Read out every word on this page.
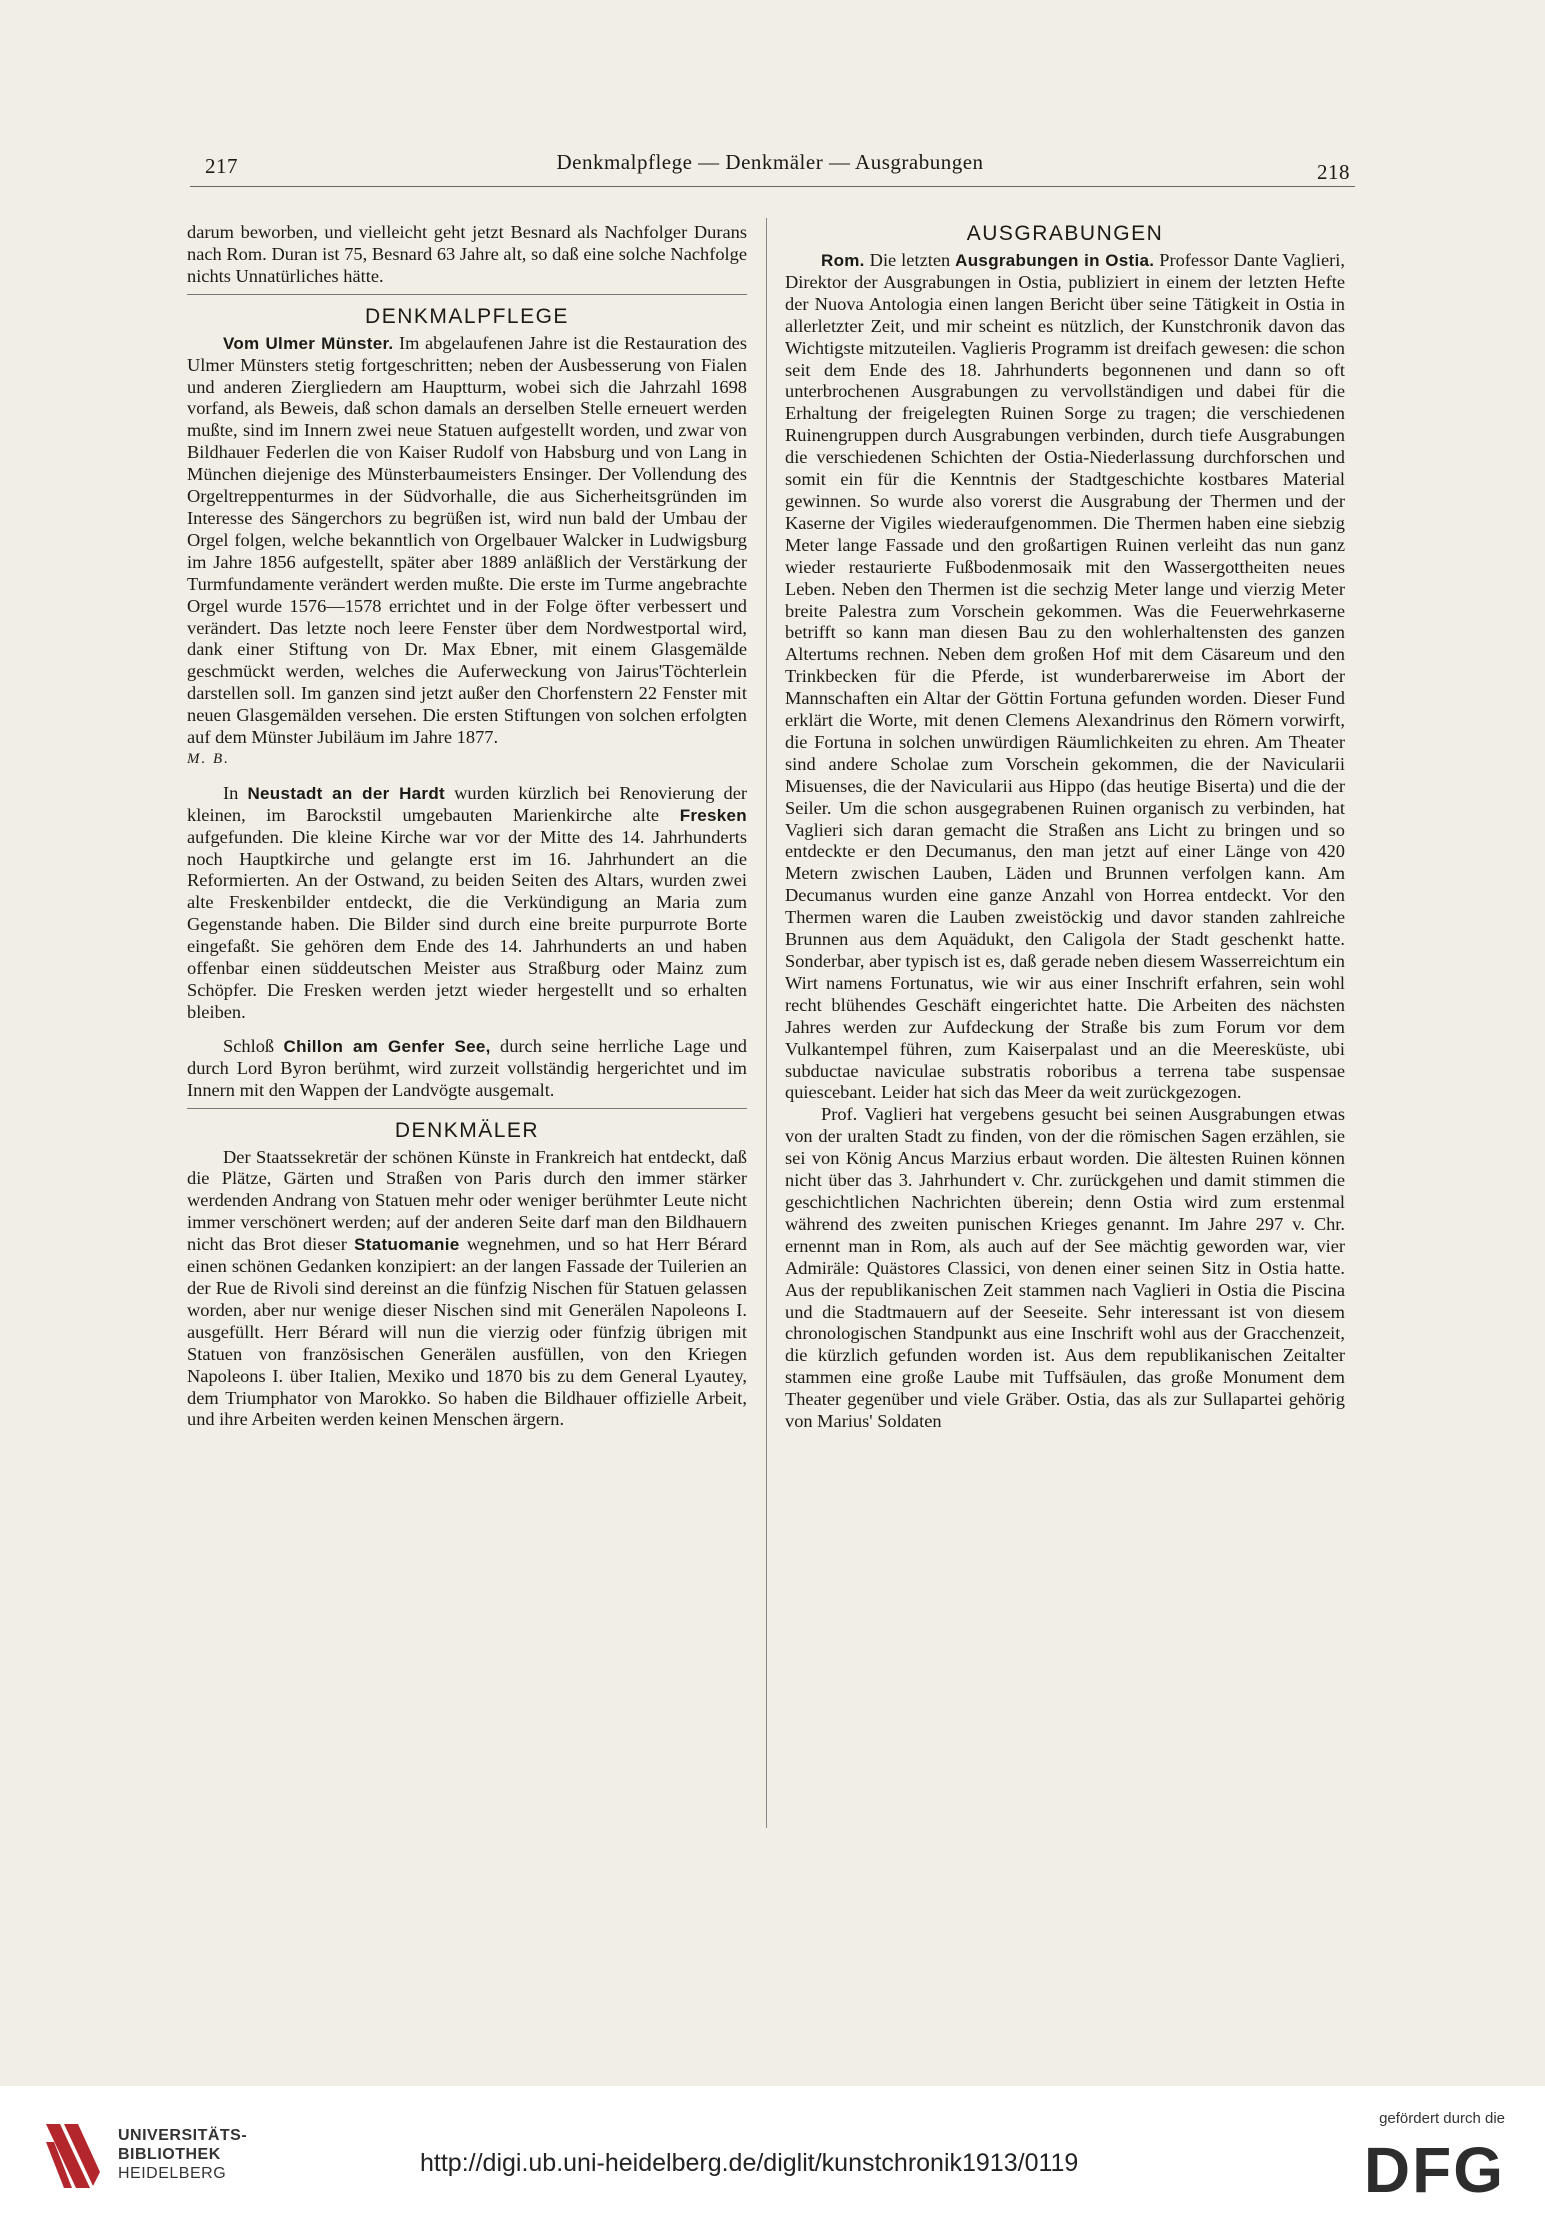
217	Denkmalpflege — Denkmäler — Ausgrabungen	218

darum beworben, und vielleicht geht jetzt Besnard als Nachfolger Durans nach Rom. Duran ist 75, Besnard 63 Jahre alt, so daß eine solche Nachfolge nichts Unnatürliches hätte.

DENKMALPFLEGE

Vom Ulmer Münster. Im abgelaufenen Jahre ist die Restauration des Ulmer Münsters stetig fortgeschritten; neben der Ausbesserung von Fialen und anderen Ziergliedern am Hauptturm, wobei sich die Jahrzahl 1698 vorfand, als Beweis, daß schon damals an derselben Stelle erneuert werden mußte, sind im Innern zwei neue Statuen aufgestellt worden, und zwar von Bildhauer Federlen die von Kaiser Rudolf von Habsburg und von Lang in München diejenige des Münsterbaumeisters Ensinger. Der Vollendung des Orgeltreppenturmes in der Südvorhalle, die aus Sicherheitsgründen im Interesse des Sängerchors zu begrüßen ist, wird nun bald der Umbau der Orgel folgen, welche bekanntlich von Orgelbauer Walcker in Ludwigsburg im Jahre 1856 aufgestellt, später aber 1889 anläßlich der Verstärkung der Turmfundamente verändert werden mußte. Die erste im Turme angebrachte Orgel wurde 1576—1578 errichtet und in der Folge öfter verbessert und verändert. Das letzte noch leere Fenster über dem Nordwestportal wird, dank einer Stiftung von Dr. Max Ebner, mit einem Glasgemälde geschmückt werden, welches die Auferweckung von Jairus'Töchterlein darstellen soll. Im ganzen sind jetzt außer den Chorfenstern 22 Fenster mit neuen Glasgemälden versehen. Die ersten Stiftungen von solchen erfolgten auf dem Münster Jubiläum im Jahre 1877.

M. B.

In Neustadt an der Hardt wurden kürzlich bei Renovierung der kleinen, im Barockstil umgebauten Marienkirche alte Fresken aufgefunden. Die kleine Kirche war vor der Mitte des 14. Jahrhunderts noch Hauptkirche und gelangte erst im 16. Jahrhundert an die Reformierten. An der Ostwand, zu beiden Seiten des Altars, wurden zwei alte Freskenbilder entdeckt, die die Verkündigung an Maria zum Gegenstande haben. Die Bilder sind durch eine breite purpurrote Borte eingefaßt. Sie gehören dem Ende des 14. Jahrhunderts an und haben offenbar einen süddeutschen Meister aus Straßburg oder Mainz zum Schöpfer. Die Fresken werden jetzt wieder hergestellt und so erhalten bleiben.

Schloß Chillon am Genfer See, durch seine herrliche Lage und durch Lord Byron berühmt, wird zurzeit vollständig hergerichtet und im Innern mit den Wappen der Landvögte ausgemalt.

DENKMÄLER

Der Staatssekretär der schönen Künste in Frankreich hat entdeckt, daß die Plätze, Gärten und Straßen von Paris durch den immer stärker werdenden Andrang von Statuen mehr oder weniger berühmter Leute nicht immer verschönert werden; auf der anderen Seite darf man den Bildhauern nicht das Brot dieser Statuomanie wegnehmen, und so hat Herr Bérard einen schönen Gedanken konzipiert: an der langen Fassade der Tuilerien an der Rue de Rivoli sind dereinst an die fünfzig Nischen für Statuen gelassen worden, aber nur wenige dieser Nischen sind mit Generälen Napoleons I. ausgefüllt. Herr Bérard will nun die vierzig oder fünfzig übrigen mit Statuen von französischen Generälen ausfüllen, von den Kriegen Napoleons I. über Italien, Mexiko und 1870 bis zu dem General Lyautey, dem Triumphator von Marokko. So haben die Bildhauer offizielle Arbeit, und ihre Arbeiten werden keinen Menschen ärgern.

AUSGRABUNGEN

Rom. Die letzten Ausgrabungen in Ostia. Professor Dante Vaglieri, Direktor der Ausgrabungen in Ostia, publiziert in einem der letzten Hefte der Nuova Antologia einen langen Bericht über seine Tätigkeit in Ostia in allerletzter Zeit, und mir scheint es nützlich, der Kunstchronik davon das Wichtigste mitzuteilen. Vaglieris Programm ist dreifach gewesen: die schon seit dem Ende des 18. Jahrhunderts begonnenen und dann so oft unterbrochenen Ausgrabungen zu vervollständigen und dabei für die Erhaltung der freigelegten Ruinen Sorge zu tragen; die verschiedenen Ruinengruppen durch Ausgrabungen verbinden, durch tiefe Ausgrabungen die verschiedenen Schichten der Ostia-Niederlassung durchforschen und somit ein für die Kenntnis der Stadtgeschichte kostbares Material gewinnen. So wurde also vorerst die Ausgrabung der Thermen und der Kaserne der Vigiles wiederaufgenommen. Die Thermen haben eine siebzig Meter lange Fassade und den großartigen Ruinen verleiht das nun ganz wieder restaurierte Fußbodenmosaik mit den Wassergottheiten neues Leben. Neben den Thermen ist die sechzig Meter lange und vierzig Meter breite Palestra zum Vorschein gekommen. Was die Feuerwehrkaserne betrifft so kann man diesen Bau zu den wohlerhaltensten des ganzen Altertums rechnen. Neben dem großen Hof mit dem Cäsareum und den Trinkbecken für die Pferde, ist wunderbarerweise im Abort der Mannschaften ein Altar der Göttin Fortuna gefunden worden. Dieser Fund erklärt die Worte, mit denen Clemens Alexandrinus den Römern vorwirft, die Fortuna in solchen unwürdigen Räumlichkeiten zu ehren. Am Theater sind andere Scholae zum Vorschein gekommen, die der Navicularii Misuenses, die der Navicularii aus Hippo (das heutige Biserta) und die der Seiler. Um die schon ausgegrabenen Ruinen organisch zu verbinden, hat Vaglieri sich daran gemacht die Straßen ans Licht zu bringen und so entdeckte er den Decumanus, den man jetzt auf einer Länge von 420 Metern zwischen Lauben, Läden und Brunnen verfolgen kann. Am Decumanus wurden eine ganze Anzahl von Horrea entdeckt. Vor den Thermen waren die Lauben zweistöckig und davor standen zahlreiche Brunnen aus dem Aquädukt, den Caligola der Stadt geschenkt hatte. Sonderbar, aber typisch ist es, daß gerade neben diesem Wasserreichtum ein Wirt namens Fortunatus, wie wir aus einer Inschrift erfahren, sein wohl recht blühendes Geschäft eingerichtet hatte. Die Arbeiten des nächsten Jahres werden zur Aufdeckung der Straße bis zum Forum vor dem Vulkantempel führen, zum Kaiserpalast und an die Meeresküste, ubi subductae naviculae substratis roboribus a terrena tabe suspensae quiescebant. Leider hat sich das Meer da weit zurückgezogen.

Prof. Vaglieri hat vergebens gesucht bei seinen Ausgrabungen etwas von der uralten Stadt zu finden, von der die römischen Sagen erzählen, sie sei von König Ancus Marzius erbaut worden. Die ältesten Ruinen können nicht über das 3. Jahrhundert v. Chr. zurückgehen und damit stimmen die geschichtlichen Nachrichten überein; denn Ostia wird zum erstenmal während des zweiten punischen Krieges genannt. Im Jahre 297 v. Chr. ernennt man in Rom, als auch auf der See mächtig geworden war, vier Admiräle: Quästores Classici, von denen einer seinen Sitz in Ostia hatte. Aus der republikanischen Zeit stammen nach Vaglieri in Ostia die Piscina und die Stadtmauern auf der Seeseite. Sehr interessant ist von diesem chronologischen Standpunkt aus eine Inschrift wohl aus der Gracchenzeit, die kürzlich gefunden worden ist. Aus dem republikanischen Zeitalter stammen eine große Laube mit Tuffsäulen, das große Monument dem Theater gegenüber und viele Gräber. Ostia, das als zur Sullapartei gehörig von Marius' Soldaten

UNIVERSITÄTS-
BIBLIOTHEK
HEIDELBERG	http://digi.ub.uni-heidelberg.de/diglit/kunstchronik1913/0119
gefördert durch die
DFG
